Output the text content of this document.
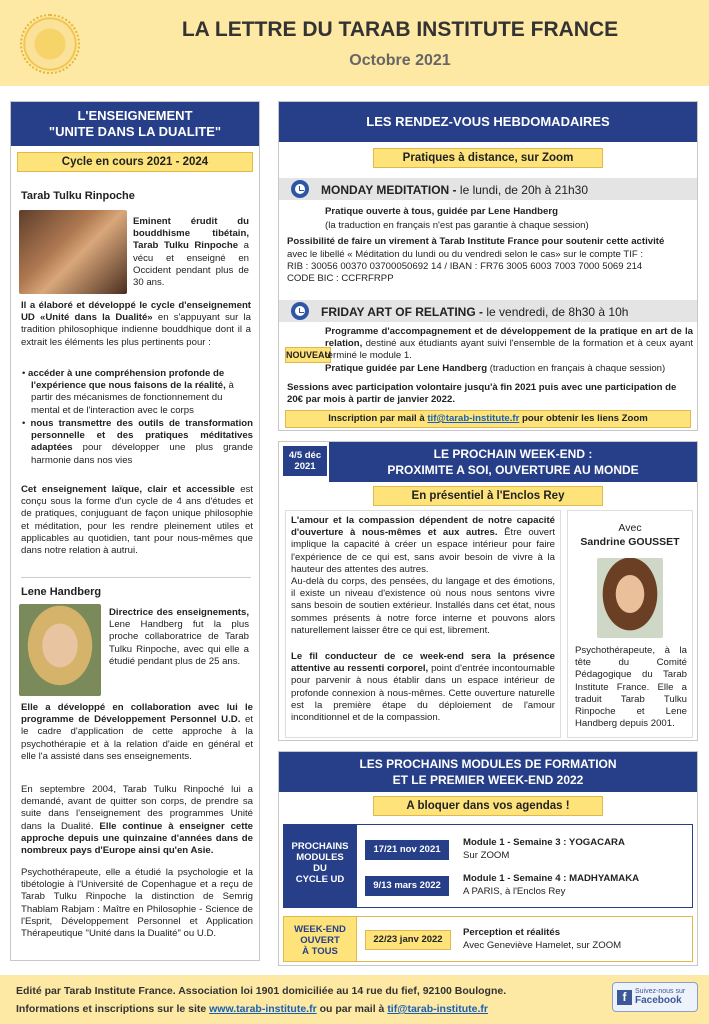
LA LETTRE DU TARAB INSTITUTE FRANCE
Octobre 2021
L'ENSEIGNEMENT
"UNITE DANS LA DUALITE"
Cycle en cours 2021 - 2024
Tarab Tulku Rinpoche

Eminent érudit du bouddhisme tibétain, Tarab Tulku Rinpoche a vécu et enseigné en Occident pendant plus de 30 ans.

Il a élaboré et développé le cycle d'enseignement UD «Unité dans la Dualité» en s'appuyant sur la tradition philosophique indienne bouddhique dont il a extrait les éléments les plus pertinents pour :

• accéder à une compréhension profonde de l'expérience que nous faisons de la réalité, à partir des mécanismes de fonctionnement du mental et de l'interaction avec le corps

• nous transmettre des outils de transformation personnelle et des pratiques méditatives adaptées pour développer une plus grande harmonie dans nos vies

Cet enseignement laïque, clair et accessible est conçu sous la forme d'un cycle de 4 ans d'études et de pratiques, conjuguant de façon unique philosophie et méditation, pour les rendre pleinement utiles et applicables au quotidien, tant pour nous-mêmes que dans notre relation à autrui.

Lene Handberg

Directrice des enseignements, Lene Handberg fut la plus proche collaboratrice de Tarab Tulku Rinpoche, avec qui elle a étudié pendant plus de 25 ans.

Elle a développé en collaboration avec lui le programme de Développement Personnel U.D. et le cadre d'application de cette approche à la psychothérapie et à la relation d'aide en général et elle l'a assisté dans ses enseignements.

En septembre 2004, Tarab Tulku Rinpoché lui a demandé, avant de quitter son corps, de prendre sa suite dans l'enseignement des programmes Unité dans la Dualité. Elle continue à enseigner cette approche depuis une quinzaine d'années dans de nombreux pays d'Europe ainsi qu'en Asie.

Psychothérapeute, elle a étudié la psychologie et la tibétologie à l'Université de Copenhague et a reçu de Tarab Tulku Rinpoche la distinction de Semrig Thablam Rabjam : Maître en Philosophie - Science de l'Esprit, Développement Personnel et Application Thérapeutique "Unité dans la Dualité" ou U.D.

LES RENDEZ-VOUS HEBDOMADAIRES
Pratiques à distance, sur Zoom
MONDAY MEDITATION - le lundi, de 20h à 21h30

Pratique ouverte à tous, guidée par Lene Handberg

(la traduction en français n'est pas garantie à chaque session)

Possibilité de faire un virement à Tarab Institute France pour soutenir cette activité

avec le libellé « Méditation du lundi ou du vendredi selon le cas» sur le compte TIF :

RIB : 30056 00370 03700050692 14 / IBAN : FR76 3005 6003 7003 7000 5069 214

CODE BIC : CCFRFRPP

FRIDAY ART OF RELATING - le vendredi, de 8h30 à 10h
NOUVEAU

Programme d'accompagnement et de développement de la pratique en art de la relation, destiné aux étudiants ayant suivi l'ensemble de la formation et à ceux ayant terminé le module 1.

Pratique guidée par Lene Handberg (traduction en français à chaque session)

Sessions avec participation volontaire jusqu'à fin 2021 puis avec une participation de 20€ par mois à partir de janvier 2022.

Inscription par mail à tif@tarab-institute.fr pour obtenir les liens Zoom
LE PROCHAIN WEEK-END :
PROXIMITE A SOI, OUVERTURE AU MONDE
4/5 déc
2021
En présentiel à l'Enclos Rey

L'amour et la compassion dépendent de notre capacité d'ouverture à nous-mêmes et aux autres. Être ouvert implique la capacité à créer un espace intérieur pour faire l'expérience de ce qui est, sans avoir besoin de vivre à la hauteur des attentes des autres.

Au-delà du corps, des pensées, du langage et des émotions, il existe un niveau d'existence où nous nous sentons vivre sans besoin de soutien extérieur. Installés dans cet état, nous sommes présents à notre force interne et pouvons alors naturellement laisser être ce qui est, librement.

Le fil conducteur de ce week-end sera la présence attentive au ressenti corporel, point d'entrée incontournable pour parvenir à nous établir dans un espace intérieur de profonde connexion à nous-mêmes. Cette ouverture naturelle est la première étape du déploiement de l'amour inconditionnel et de la compassion.

Avec

Sandrine GOUSSET

Psychothérapeute, à la tête du Comité Pédagogique du Tarab Institute France. Elle a traduit Tarab Tulku Rinpoche et Lene Handberg depuis 2001.

LES PROCHAINS MODULES DE FORMATION
ET LE PREMIER WEEK-END 2022
A bloquer dans vos agendas !
PROCHAINS
MODULES
DU
CYCLE UD
17/21 nov 2021

Module 1 - Semaine 3 : YOGACARA

Sur ZOOM

9/13 mars 2022

Module 1 - Semaine 4 : MADHYAMAKA

A PARIS, à l'Enclos Rey

WEEK-END
OUVERT
À TOUS
22/23 janv 2022

Perception et réalités

Avec Geneviève Hamelet, sur ZOOM

Edité par Tarab Institute France. Association loi 1901 domiciliée au 14 rue du fief, 92100 Boulogne.
Informations et inscriptions sur le site www.tarab-institute.fr ou par mail à tif@tarab-institute.fr
f	Suivez-nous sur
Facebook
